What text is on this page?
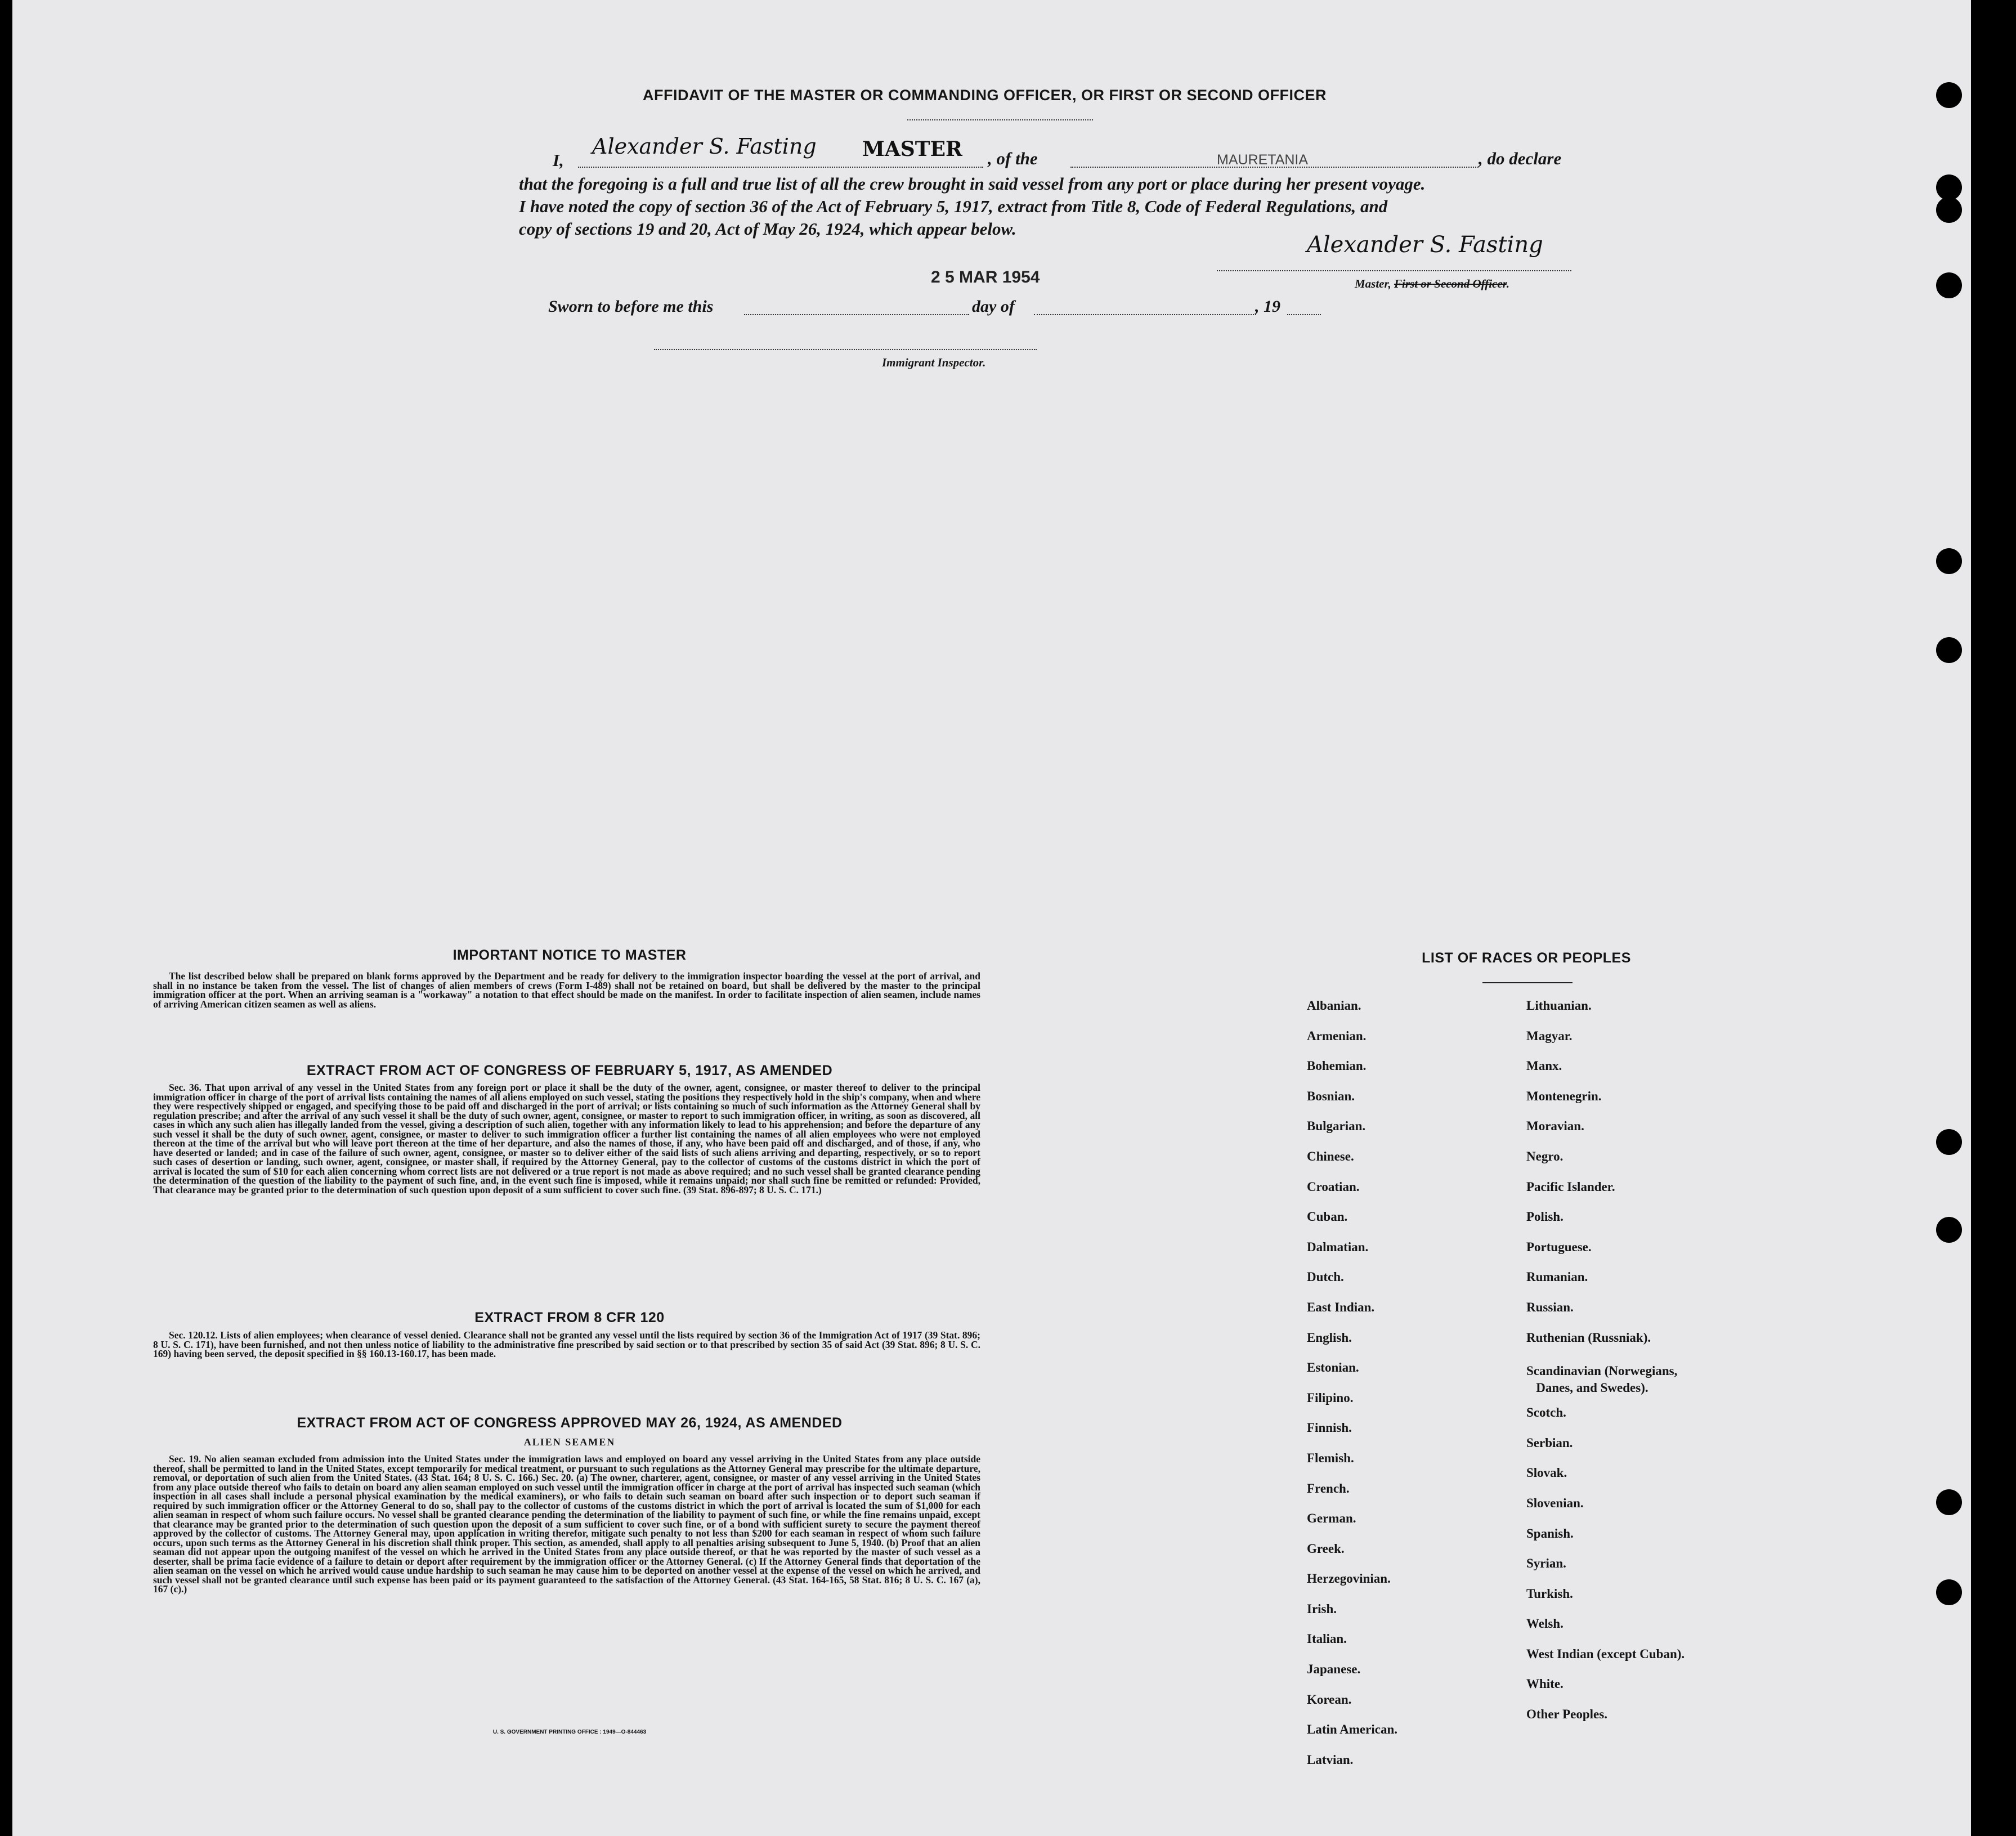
AFFIDAVIT OF THE MASTER OR COMMANDING OFFICER, OR FIRST OR SECOND OFFICER
I,
Alexander S. Fasting MASTER , of the	MAURETANIA	, do declare
that the foregoing is a full and true list of all the crew brought in said vessel from any port or place during her present voyage.
I have noted the copy of section 36 of the Act of February 5, 1917, extract from Title 8, Code of Federal Regulations, and
copy of sections 19 and 20, Act of May 26, 1924, which appear below.
Alexander S. Fasting
Master, First or Second Officer.
2 5 MAR 1954
Sworn to before me this	day of	, 19
Immigrant Inspector.
IMPORTANT NOTICE TO MASTER
The list described below shall be prepared on blank forms approved by the Department and be ready for delivery to the immigration inspector boarding the vessel at the port of arrival, and shall in no instance be taken from the vessel. The list of changes of alien members of crews (Form I-489) shall not be retained on board, but shall be delivered by the master to the principal immigration officer at the port. When an arriving seaman is a "workaway" a notation to that effect should be made on the manifest. In order to facilitate inspection of alien seamen, include names of arriving American citizen seamen as well as aliens.
EXTRACT FROM ACT OF CONGRESS OF FEBRUARY 5, 1917, AS AMENDED
Sec. 36. That upon arrival of any vessel in the United States from any foreign port or place it shall be the duty of the owner, agent, consignee, or master thereof to deliver to the principal immigration officer in charge of the port of arrival lists containing the names of all aliens employed on such vessel, stating the positions they respectively hold in the ship's company, when and where they were respectively shipped or engaged, and specifying those to be paid off and discharged in the port of arrival; or lists containing so much of such information as the Attorney General shall by regulation prescribe; and after the arrival of any such vessel it shall be the duty of such owner, agent, consignee, or master to report to such immigration officer, in writing, as soon as discovered, all cases in which any such alien has illegally landed from the vessel, giving a description of such alien, together with any information likely to lead to his apprehension; and before the departure of any such vessel it shall be the duty of such owner, agent, consignee, or master to deliver to such immigration officer a further list containing the names of all alien employees who were not employed thereon at the time of the arrival but who will leave port thereon at the time of her departure, and also the names of those, if any, who have been paid off and discharged, and of those, if any, who have deserted or landed; and in case of the failure of such owner, agent, consignee, or master so to deliver either of the said lists of such aliens arriving and departing, respectively, or so to report such cases of desertion or landing, such owner, agent, consignee, or master shall, if required by the Attorney General, pay to the collector of customs of the customs district in which the port of arrival is located the sum of $10 for each alien concerning whom correct lists are not delivered or a true report is not made as above required; and no such vessel shall be granted clearance pending the determination of the question of the liability to the payment of such fine, and, in the event such fine is imposed, while it remains unpaid; nor shall such fine be remitted or refunded: Provided, That clearance may be granted prior to the determination of such question upon deposit of a sum sufficient to cover such fine. (39 Stat. 896-897; 8 U. S. C. 171.)
EXTRACT FROM 8 CFR 120
Sec. 120.12. Lists of alien employees; when clearance of vessel denied. Clearance shall not be granted any vessel until the lists required by section 36 of the Immigration Act of 1917 (39 Stat. 896; 8 U. S. C. 171), have been furnished, and not then unless notice of liability to the administrative fine prescribed by said section or to that prescribed by section 35 of said Act (39 Stat. 896; 8 U. S. C. 169) having been served, the deposit specified in §§ 160.13-160.17, has been made.
EXTRACT FROM ACT OF CONGRESS APPROVED MAY 26, 1924, AS AMENDED
ALIEN SEAMEN
Sec. 19. No alien seaman excluded from admission into the United States under the immigration laws and employed on board any vessel arriving in the United States from any place outside thereof, shall be permitted to land in the United States, except temporarily for medical treatment, or pursuant to such regulations as the Attorney General may prescribe for the ultimate departure, removal, or deportation of such alien from the United States. (43 Stat. 164; 8 U. S. C. 166.) Sec. 20. (a) The owner, charterer, agent, consignee, or master of any vessel arriving in the United States from any place outside thereof who fails to detain on board any alien seaman employed on such vessel until the immigration officer in charge at the port of arrival has inspected such seaman (which inspection in all cases shall include a personal physical examination by the medical examiners), or who fails to detain such seaman on board after such inspection or to deport such seaman if required by such immigration officer or the Attorney General to do so, shall pay to the collector of customs of the customs district in which the port of arrival is located the sum of $1,000 for each alien seaman in respect of whom such failure occurs. No vessel shall be granted clearance pending the determination of the liability to payment of such fine, or while the fine remains unpaid, except that clearance may be granted prior to the determination of such question upon the deposit of a sum sufficient to cover such fine, or of a bond with sufficient surety to secure the payment thereof approved by the collector of customs. The Attorney General may, upon application in writing therefor, mitigate such penalty to not less than $200 for each seaman in respect of whom such failure occurs, upon such terms as the Attorney General in his discretion shall think proper. This section, as amended, shall apply to all penalties arising subsequent to June 5, 1940. (b) Proof that an alien seaman did not appear upon the outgoing manifest of the vessel on which he arrived in the United States from any place outside thereof, or that he was reported by the master of such vessel as a deserter, shall be prima facie evidence of a failure to detain or deport after requirement by the immigration officer or the Attorney General. (c) If the Attorney General finds that deportation of the alien seaman on the vessel on which he arrived would cause undue hardship to such seaman he may cause him to be deported on another vessel at the expense of the vessel on which he arrived, and such vessel shall not be granted clearance until such expense has been paid or its payment guaranteed to the satisfaction of the Attorney General. (43 Stat. 164-165, 58 Stat. 816; 8 U. S. C. 167 (a), 167 (c).)
U. S. GOVERNMENT PRINTING OFFICE : 1949—O-844463
LIST OF RACES OR PEOPLES
Albanian.
Armenian.
Bohemian.
Bosnian.
Bulgarian.
Chinese.
Croatian.
Cuban.
Dalmatian.
Dutch.
East Indian.
English.
Estonian.
Filipino.
Finnish.
Flemish.
French.
German.
Greek.
Herzegovinian.
Irish.
Italian.
Japanese.
Korean.
Latin American.
Latvian.
Lithuanian.
Magyar.
Manx.
Montenegrin.
Moravian.
Negro.
Pacific Islander.
Polish.
Portuguese.
Rumanian.
Russian.
Ruthenian (Russniak).
Scandinavian (Norwegians,
Danes, and Swedes).
Scotch.
Serbian.
Slovak.
Slovenian.
Spanish.
Syrian.
Turkish.
Welsh.
West Indian (except Cuban).
White.
Other Peoples.
